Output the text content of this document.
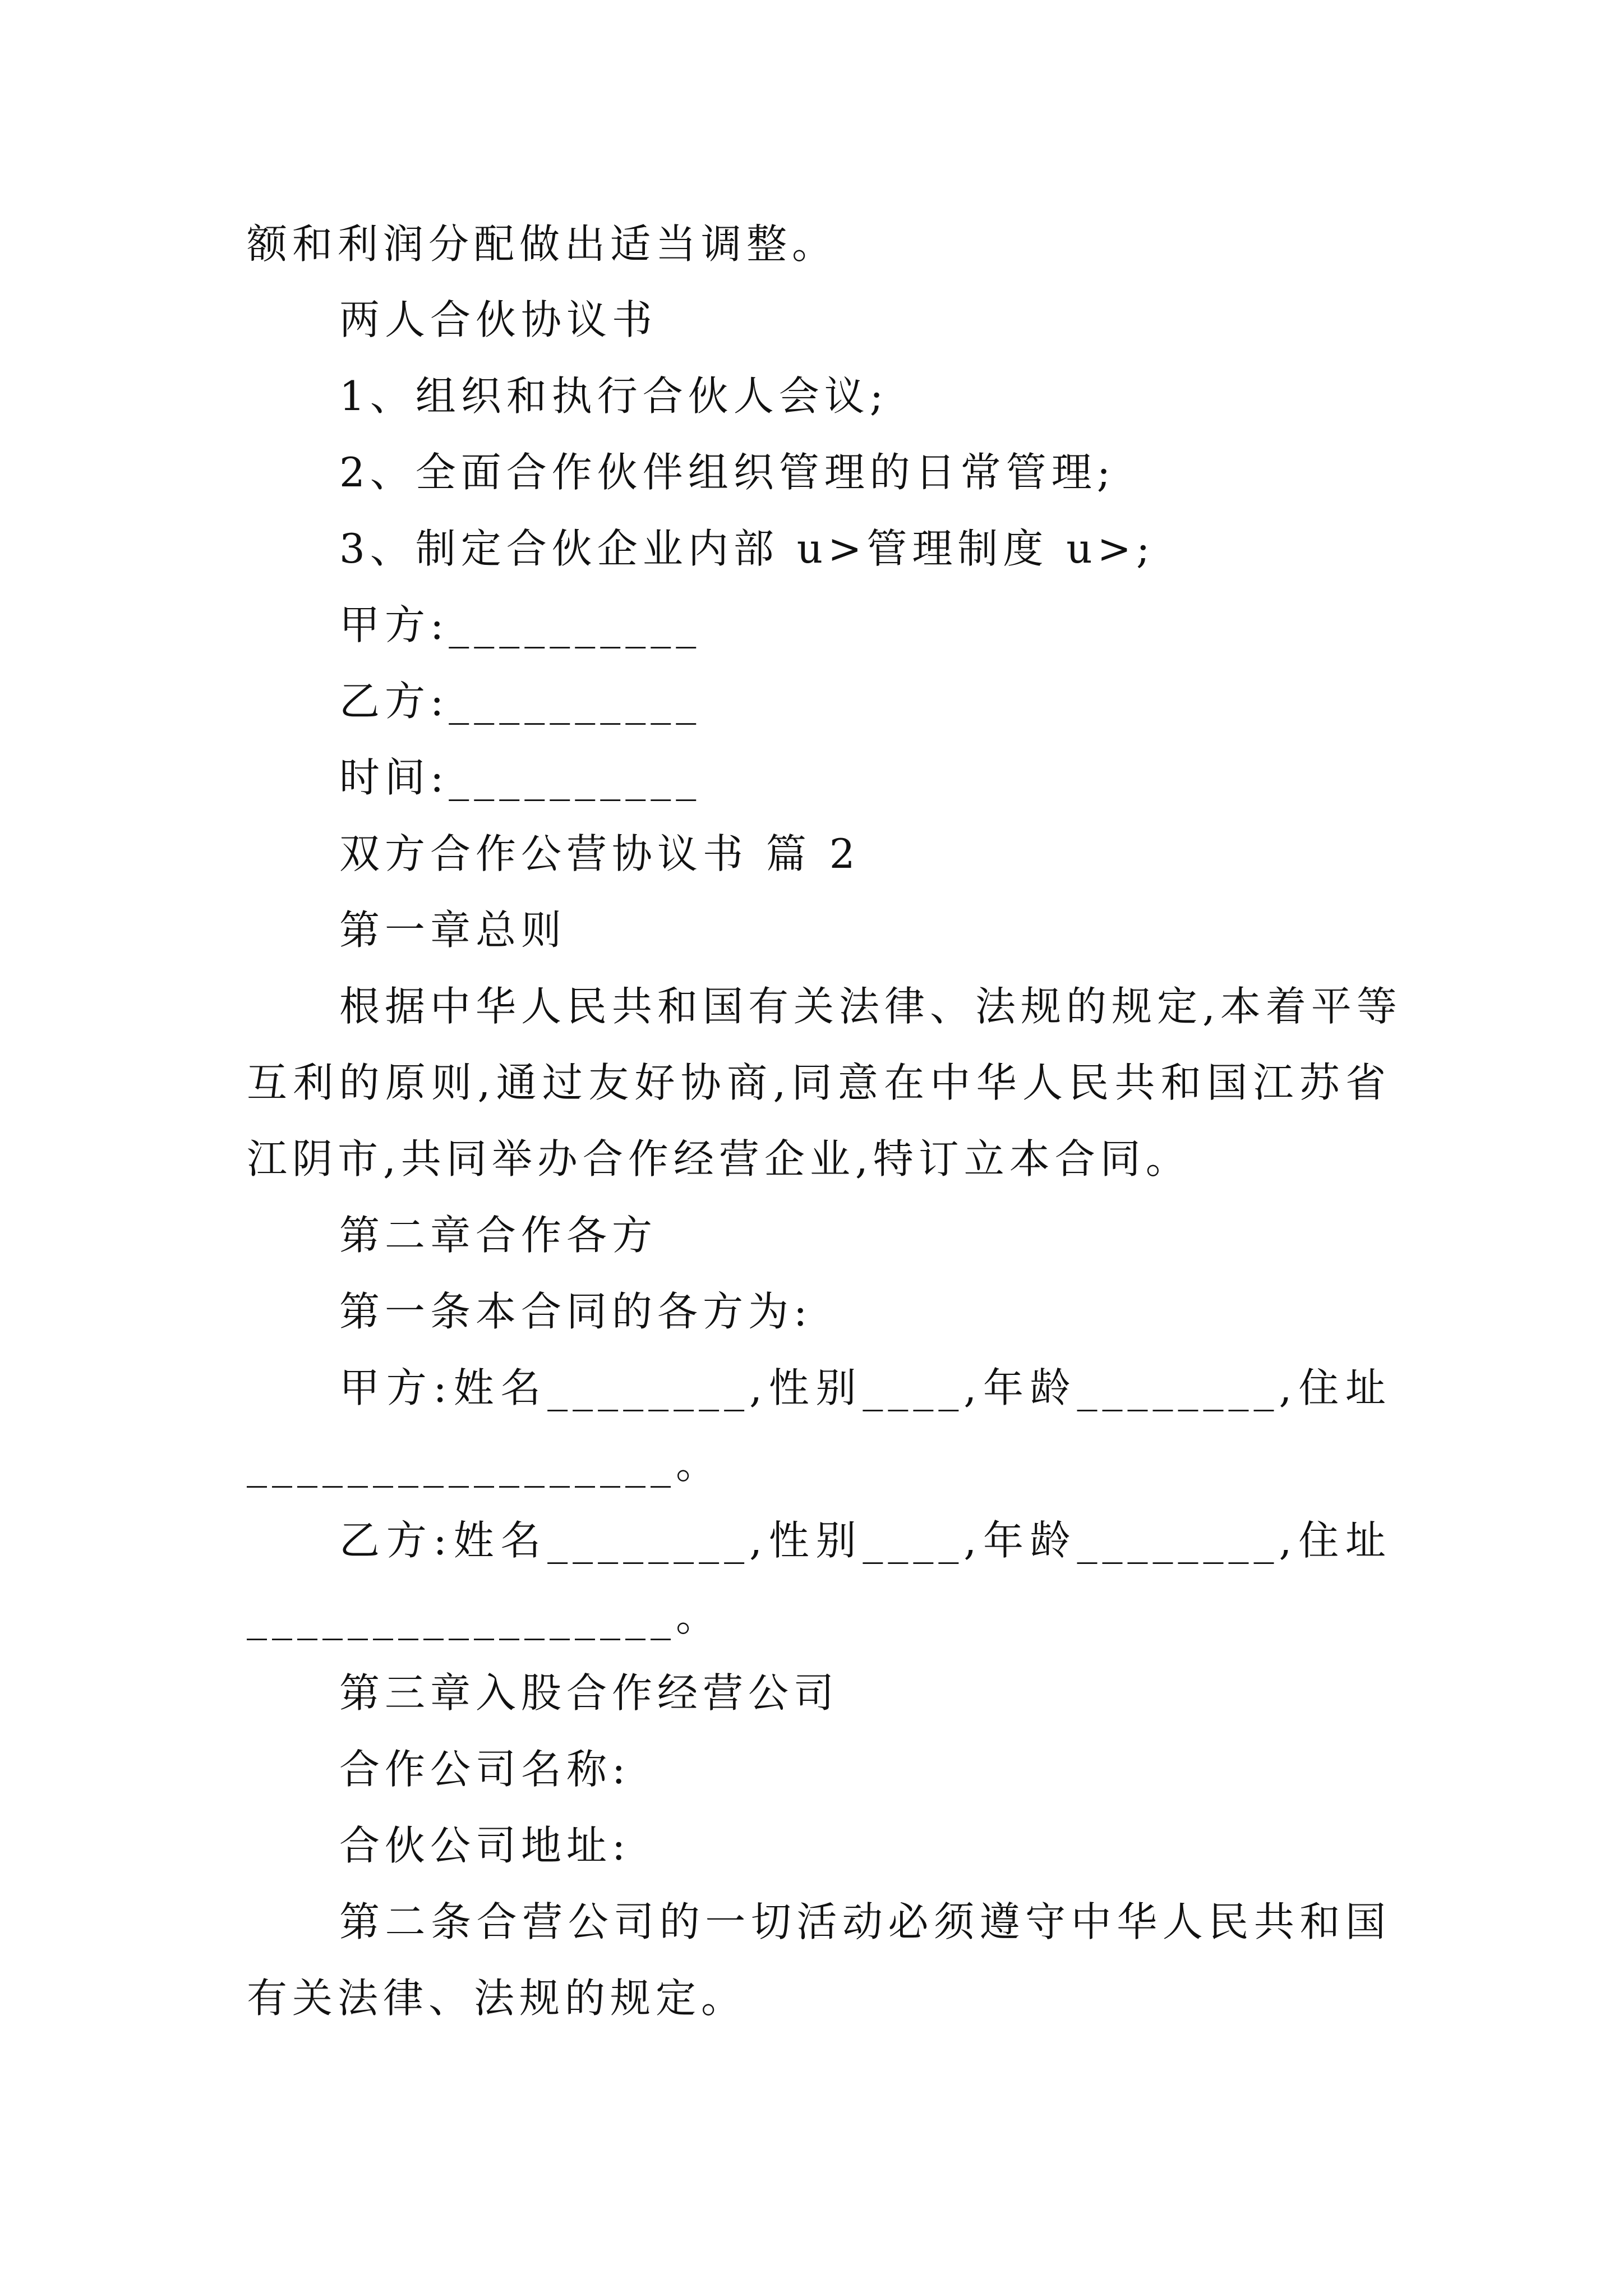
额和利润分配做出适当调整。
两人合伙协议书
1、组织和执行合伙人会议;
2、全面合作伙伴组织管理的日常管理;
3、制定合伙企业内部 u>管理制度 u>;
甲方:__________
乙方:__________
时间:__________
双方合作公营协议书 篇 2
第一章总则
根据中华人民共和国有关法律、法规的规定,本着平等
互利的原则,通过友好协商,同意在中华人民共和国江苏省
江阴市,共同举办合作经营企业,特订立本合同。
第二章合作各方
第一条本合同的各方为:
甲方:姓名________,性别____,年龄________,住址
_________________。
乙方:姓名________,性别____,年龄________,住址
_________________。
第三章入股合作经营公司
合作公司名称:
合伙公司地址:
第二条合营公司的一切活动必须遵守中华人民共和国
有关法律、法规的规定。
